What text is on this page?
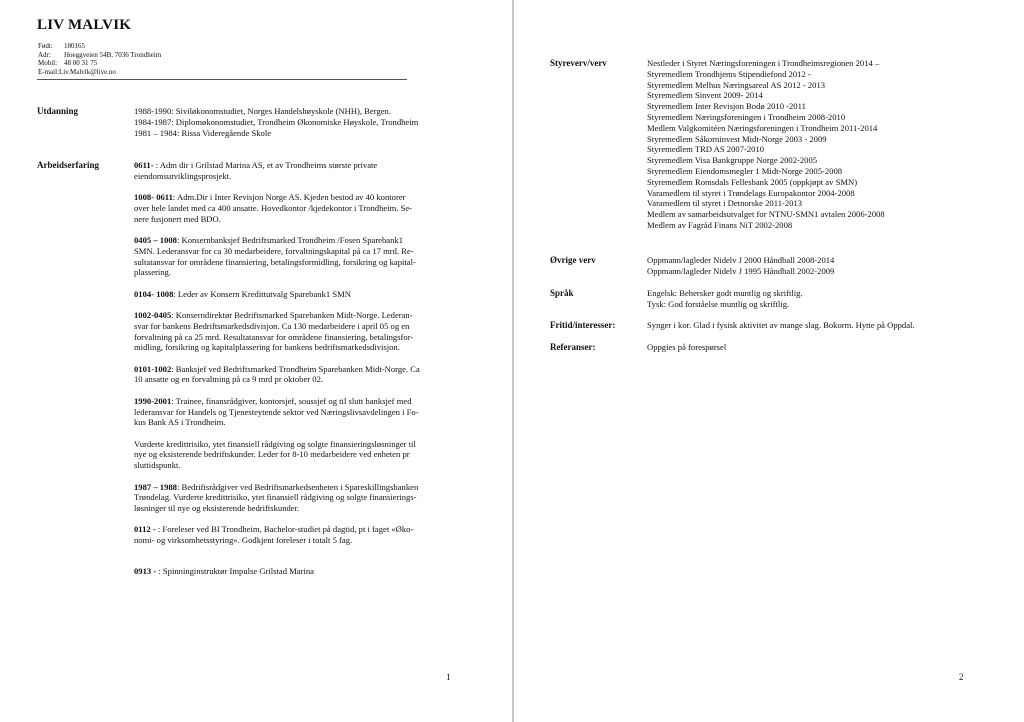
LIV MALVIK
Født: 180165
Adr: Hoeggveien 54B, 7036 Trondheim
Mobil: 48 00 31 75
E-mail:Liv.Malvik@live.no
Utdanning	1988-1990: Siviløkonomstudiet, Norges Handelshøyskole (NHH), Bergen.
1984-1987: Diplomøkonomstudiet, Trondheim Økonomiske Høyskole, Trondheim
1981 – 1984: Rissa Videregående Skole
Arbeidserfaring	0611- : Adm dir i Grilstad Marina AS, et av Trondheims største private
eiendomsutviklingsprosjekt.
1008- 0611: Adm.Dir i Inter Revisjon Norge AS. Kjeden bestod av 40 kontorer
over hele landet med ca 400 ansatte. Hovedkontor /kjedekontor i Trondheim. Se-
nere fusjonert med BDO.
0405 – 1008: Konsernbanksjef Bedriftsmarked Trondheim /Fosen Sparebank1
SMN. Lederansvar for ca 30 medarbeidere, forvaltningskapital på ca 17 mrd. Re-
sultatansvar for områdene finansiering, betalingsformidling, forsikring og kapital-
plassering.
0104- 1008: Leder av Konsern Kredittutvalg Sparebank1 SMN
1002-0405: Konserndirektør Bedriftsmarked Sparebanken Midt-Norge. Lederan-
svar for bankens Bedriftsmarkedsdivisjon. Ca 130 medarbeidere i april 05 og en
forvaltning på ca 25 mrd. Resultatansvar for områdene finansiering, betalingsfor-
midling, forsikring og kapitalplassering for bankens bedriftsmarkedsdivisjon.
0101-1002: Banksjef ved Bedriftsmarked Trondheim Sparebanken Midt-Norge. Ca
10 ansatte og en forvaltning på ca 9 mrd pr oktober 02.
1990-2001: Trainee, finansrådgiver, kontorsjef, soussjef og til slutt banksjef med
lederansvar for Handels og Tjenesteytende sektor ved Næringslivsavdelingen i Fo-
kus Bank AS i Trondheim.
Vurderte kredittrisiko, ytet finansiell rådgiving og solgte finansieringsløsninger til
nye og eksisterende bedriftskunder. Leder for 8-10 medarbeidere ved enheten pr
sluttidspunkt.
1987 – 1988: Bedriftsrådgiver ved Bedriftsmarkedsenheten i Spareskillingsbanken
Trøndelag. Vurderte kredittrisiko, ytet finansiell rådgiving og solgte finansierings-
løsninger til nye og eksisterende bedriftskunder.
0112 - : Foreleser ved BI Trondheim, Bachelor-studiet på dagtid, pt i faget «Øko-
nomi- og virksomhetsstyring». Godkjent foreleser i totalt 5 fag.
0913 - : Spinninginstruktør Impulse Grilstad Marina
1
Styreverv/verv	Nestleder i Styret Næringsforeningen i Trondheimsregionen 2014 –
Styremedlem Trondhjems Stipendiefond 2012 -
Styremedlem Melhus Næringsareal AS 2012 - 2013
Styremedlem Sinvent 2009- 2014
Styremedlem Inter Revisjon Bodø 2010 -2011
Styremedlem Næringsforeningen i Trondheim 2008-2010
Medlem Valgkomitéen Næringsforeningen i Trondheim 2011-2014
Styremedlem Såkorninvest Midt-Norge 2003 - 2009
Styremedlem TRD AS 2007-2010
Styremedlem Visa Bankgruppe Norge 2002-2005
Styremedlem Eiendomsmegler 1 Midt-Norge 2005-2008
Styremedlem Romsdals Fellesbank 2005 (oppkjøpt av SMN)
Varamedlem til styret i Trøndelags Europakontor 2004-2008
Varamedlem til styret i Detnorske 2011-2013
Medlem av samarbeidsutvalget for NTNU-SMN1 avtalen 2006-2008
Medlem av Fagråd Finans NiT 2002-2008
Øvrige verv	Oppmann/lagleder Nidelv J 2000 Håndball 2008-2014
Oppmann/lagleder Nidelv J 1995 Håndball 2002-2009
Språk	Engelsk: Behersker godt muntlig og skriftlig.
Tysk: God forståelse muntlig og skriftlig.
Fritid/interesser:	Synger i kor. Glad i fysisk aktivitet av mange slag. Bokorm. Hytte på Oppdal.
Referanser:	Oppgies på forespørsel
2
